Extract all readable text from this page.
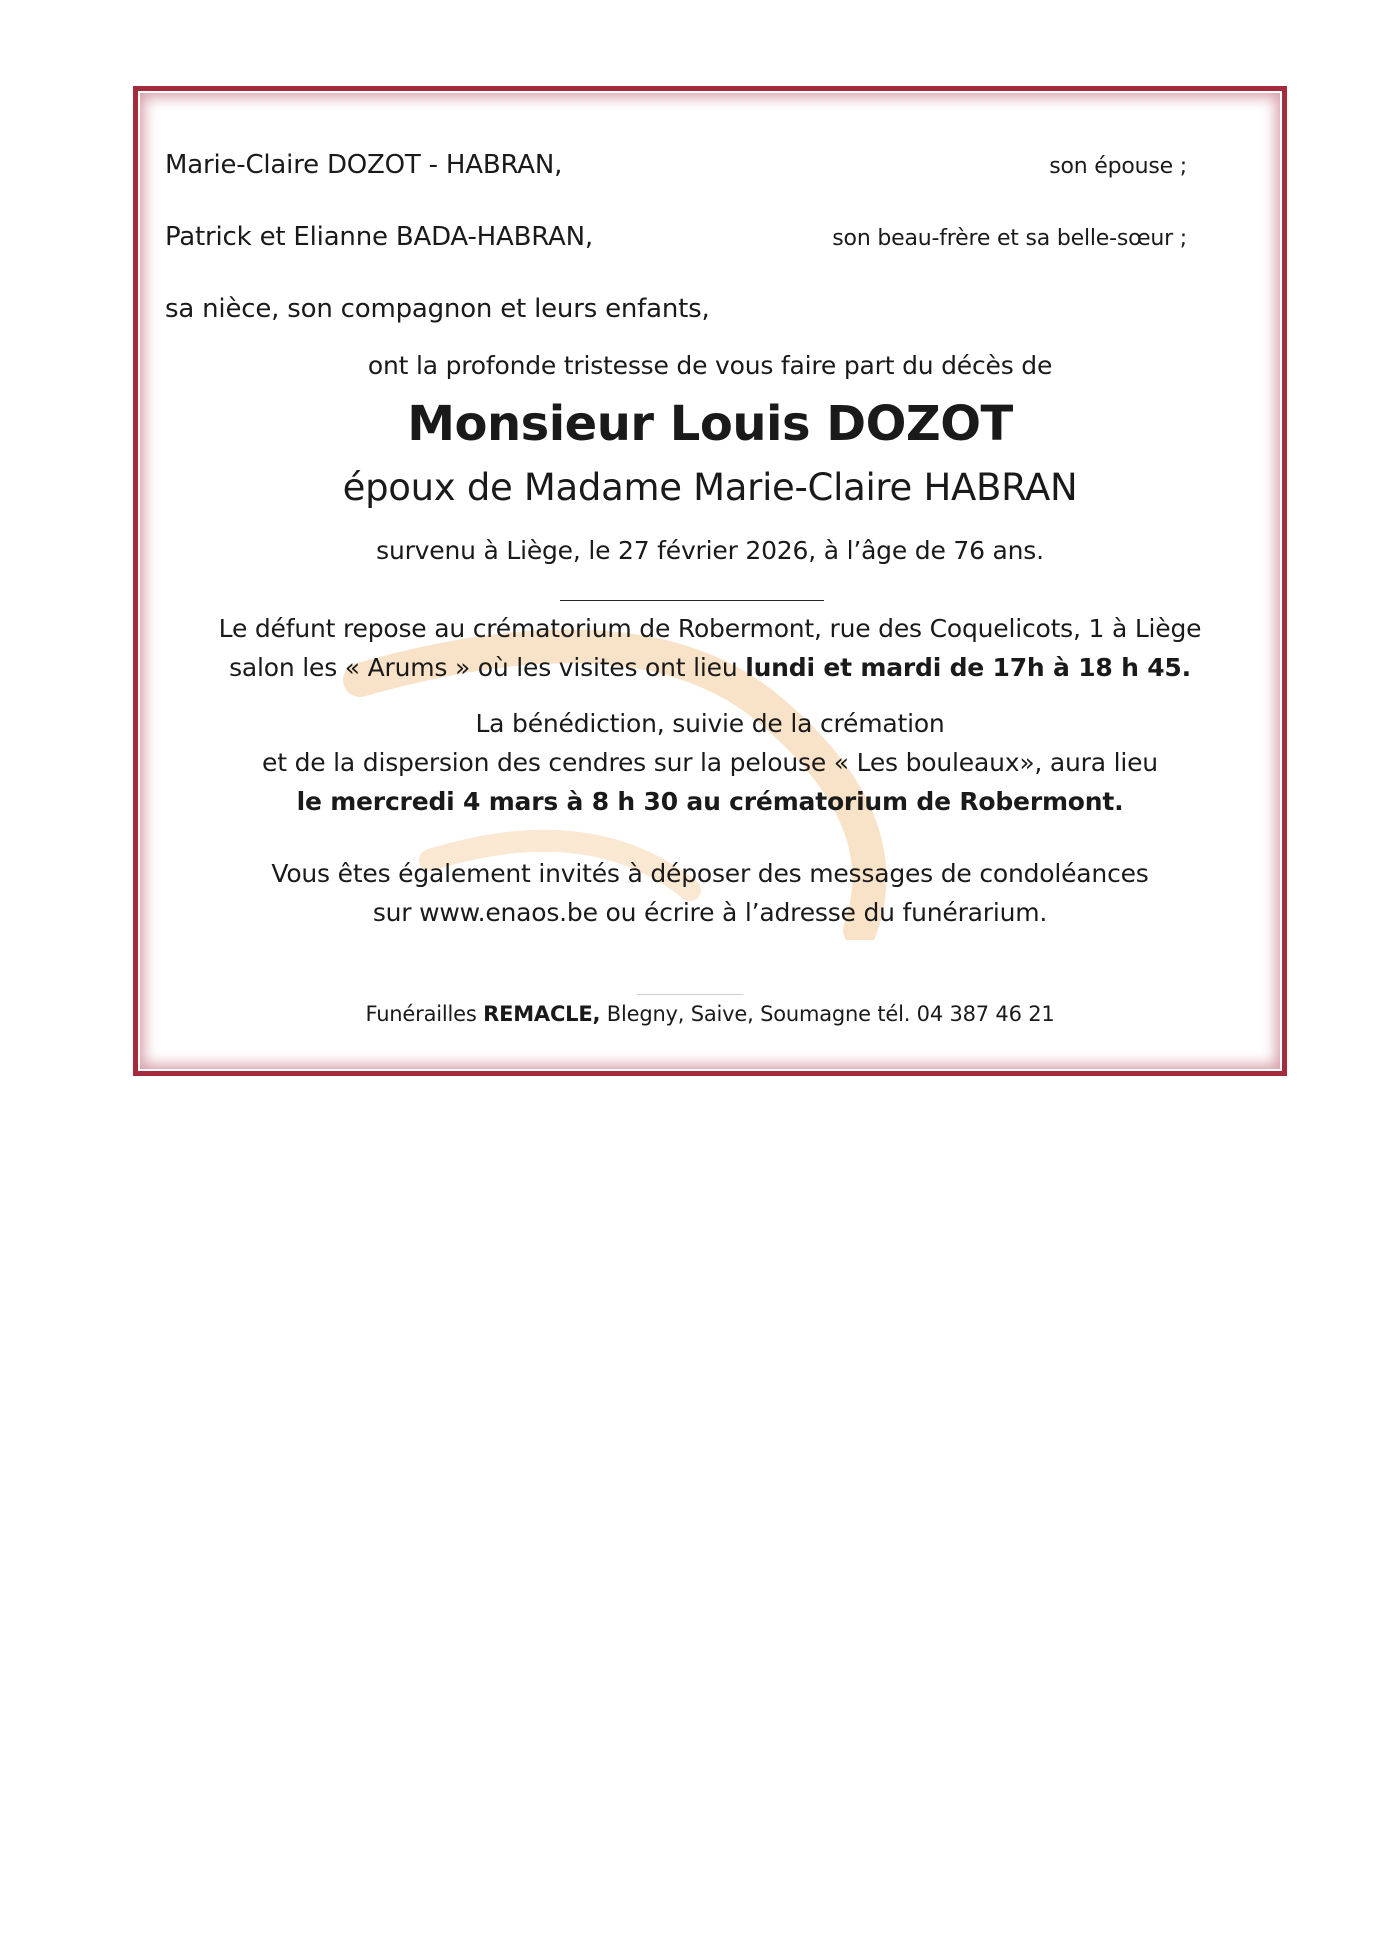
Marie-Claire DOZOT - HABRAN,	son épouse ;
Patrick et Elianne BADA-HABRAN,	son beau-frère et sa belle-sœur ;
sa nièce, son compagnon et leurs enfants,
ont la profonde tristesse de vous faire part du décès de
Monsieur Louis DOZOT
époux de Madame Marie-Claire HABRAN
survenu à Liège, le 27 février 2026, à l’âge de 76 ans.
Le défunt repose au crématorium de Robermont, rue des Coquelicots, 1 à Liège
salon les « Arums » où les visites ont lieu lundi et mardi de 17h à 18 h 45.
La bénédiction, suivie de la crémation
et de la dispersion des cendres sur la pelouse « Les bouleaux», aura lieu
le mercredi 4 mars à 8 h 30 au crématorium de Robermont.
Vous êtes également invités à déposer des messages de condoléances
sur www.enaos.be ou écrire à l’adresse du funérarium.
Funérailles REMACLE, Blegny, Saive, Soumagne tél. 04 387 46 21
